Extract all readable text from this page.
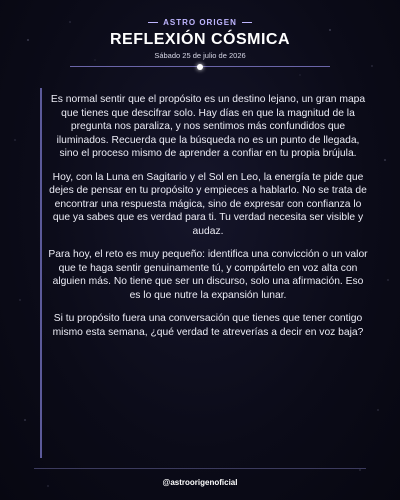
ASTRO ORIGEN
REFLEXIÓN CÓSMICA
Sábado 25 de julio de 2026

Es normal sentir que el propósito es un destino lejano, un gran mapa que tienes que descifrar solo. Hay días en que la magnitud de la pregunta nos paraliza, y nos sentimos más confundidos que iluminados. Recuerda que la búsqueda no es un punto de llegada, sino el proceso mismo de aprender a confiar en tu propia brújula.

Hoy, con la Luna en Sagitario y el Sol en Leo, la energía te pide que dejes de pensar en tu propósito y empieces a hablarlo. No se trata de encontrar una respuesta mágica, sino de expresar con confianza lo que ya sabes que es verdad para ti. Tu verdad necesita ser visible y audaz.

Para hoy, el reto es muy pequeño: identifica una convicción o un valor que te haga sentir genuinamente tú, y compártelo en voz alta con alguien más. No tiene que ser un discurso, solo una afirmación. Eso es lo que nutre la expansión lunar.

Si tu propósito fuera una conversación que tienes que tener contigo mismo esta semana, ¿qué verdad te atreverías a decir en voz baja?

@astroorigenoficial
